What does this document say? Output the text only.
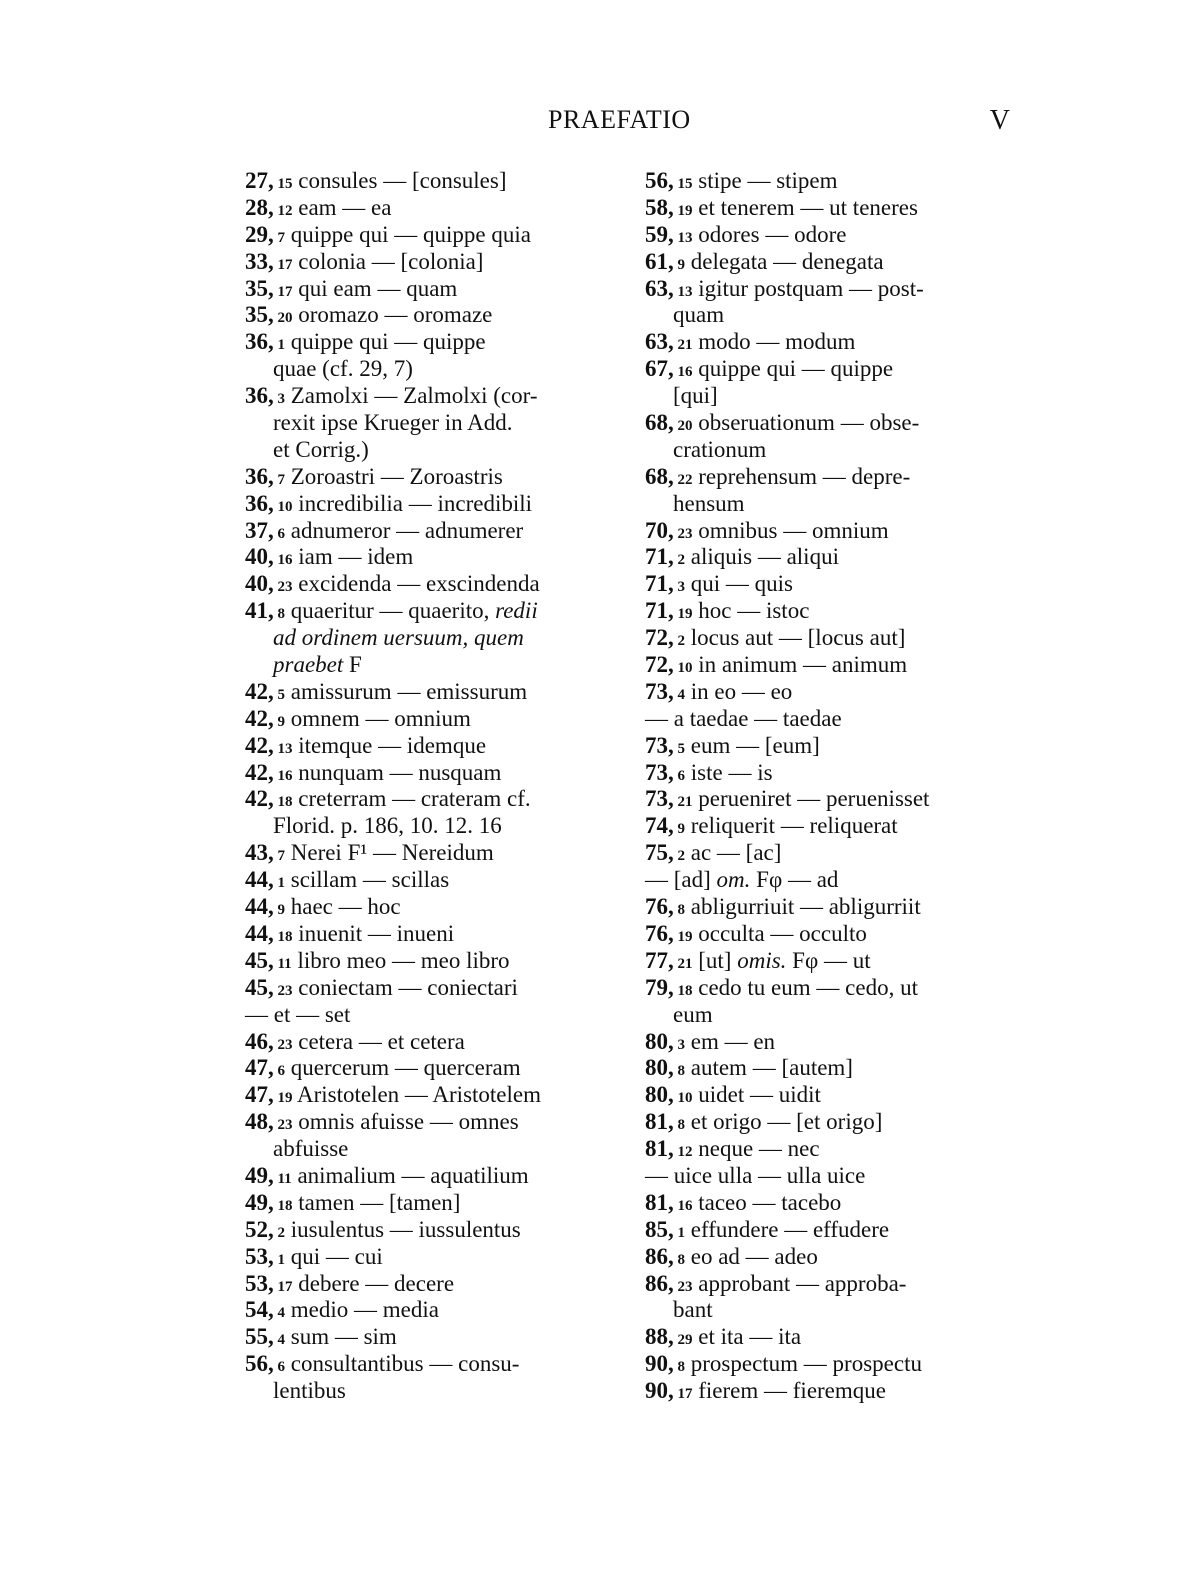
PRAEFATIO	V
27, 15 consules — [consules]
28, 12 eam — ea
29, 7 quippe qui — quippe quia
33, 17 colonia — [colonia]
35, 17 qui eam — quam
35, 20 oromazo — oromaze
36, 1 quippe qui — quippe
quae (cf. 29, 7)
36, 3 Zamolxi — Zalmolxi (cor-
rexit ipse Krueger in Add.
et Corrig.)
36, 7 Zoroastri — Zoroastris
36, 10 incredibilia — incredibili
37, 6 adnumeror — adnumerer
40, 16 iam — idem
40, 23 excidenda — exscindenda
41, 8 quaeritur — quaerito, redii
ad ordinem uersuum, quem
praebet F
42, 5 amissurum — emissurum
42, 9 omnem — omnium
42, 13 itemque — idemque
42, 16 nunquam — nusquam
42, 18 creterram — crateram cf.
Florid. p. 186, 10. 12. 16
43, 7 Nerei F¹ — Nereidum
44, 1 scillam — scillas
44, 9 haec — hoc
44, 18 inuenit — inueni
45, 11 libro meo — meo libro
45, 23 coniectam — coniectari
— et — set
46, 23 cetera — et cetera
47, 6 quercerum — querceram
47, 19 Aristotelen — Aristotelem
48, 23 omnis afuisse — omnes
abfuisse
49, 11 animalium — aquatilium
49, 18 tamen — [tamen]
52, 2 iusulentus — iussulentus
53, 1 qui — cui
53, 17 debere — decere
54, 4 medio — media
55, 4 sum — sim
56, 6 consultantibus — consu-
lentibus
56, 15 stipe — stipem
58, 19 et tenerem — ut teneres
59, 13 odores — odore
61, 9 delegata — denegata
63, 13 igitur postquam — post-
quam
63, 21 modo — modum
67, 16 quippe qui — quippe
[qui]
68, 20 obseruationum — obse-
crationum
68, 22 reprehensum — depre-
hensum
70, 23 omnibus — omnium
71, 2 aliquis — aliqui
71, 3 qui — quis
71, 19 hoc — istoc
72, 2 locus aut — [locus aut]
72, 10 in animum — animum
73, 4 in eo — eo
— a taedae — taedae
73, 5 eum — [eum]
73, 6 iste — is
73, 21 perueniret — peruenisset
74, 9 reliquerit — reliquerat
75, 2 ac — [ac]
— [ad] om. Fφ — ad
76, 8 abligurriuit — abligurriit
76, 19 occulta — occulto
77, 21 [ut] omis. Fφ — ut
79, 18 cedo tu eum — cedo, ut
eum
80, 3 em — en
80, 8 autem — [autem]
80, 10 uidet — uidit
81, 8 et origo — [et origo]
81, 12 neque — nec
— uice ulla — ulla uice
81, 16 taceo — tacebo
85, 1 effundere — effudere
86, 8 eo ad — adeo
86, 23 approbant — approba-
bant
88, 29 et ita — ita
90, 8 prospectum — prospectu
90, 17 fierem — fieremque
